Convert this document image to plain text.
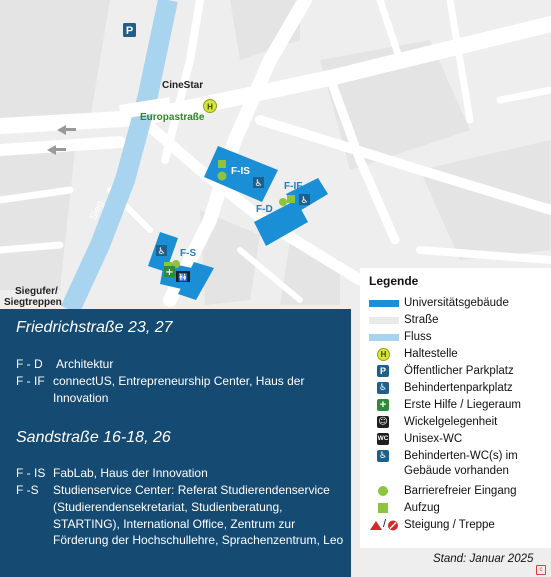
♿
♿
♿
+ 🚻
P
H
CineStar
Europastraße
Sieg
Siegufer/
Siegtreppen
F-IS
F-IF
F-D
F-S
Friedrichstraße 23, 27
F - D Architektur
F - IF connectUS, Entrepreneurship Center, Haus der Innovation
Sandstraße 16-18, 26
F - IS FabLab, Haus der Innovation
F -S Studienservice Center: Referat Studierendenservice (Studierendensekretariat, Studienberatung, STARTING), International Office, Zentrum zur Förderung der Hochschullehre, Sprachenzentrum, Leo
Legende
Universitätsgebäude
Straße
Fluss
H	Haltestelle
P Öffentlicher Parkplatz
♿ Behindertenparkplatz
+ Erste Hilfe / Liegeraum
☺ Wickelgelegenheit
WC Unisex-WC
♿ Behinderten-WC(s) im Gebäude vorhanden
Barrierefreier Eingang
Aufzug
/ Steigung / Treppe
Stand: Januar 2025
c
